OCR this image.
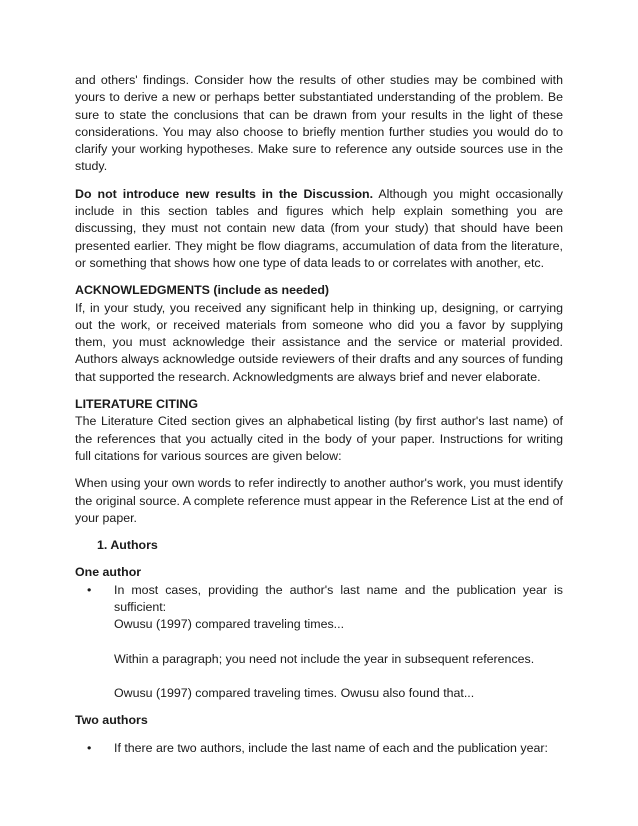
and others' findings. Consider how the results of other studies may be combined with yours to derive a new or perhaps better substantiated understanding of the problem. Be sure to state the conclusions that can be drawn from your results in the light of these considerations. You may also choose to briefly mention further studies you would do to clarify your working hypotheses. Make sure to reference any outside sources use in the study.

Do not introduce new results in the Discussion. Although you might occasionally include in this section tables and figures which help explain something you are discussing, they must not contain new data (from your study) that should have been presented earlier. They might be flow diagrams, accumulation of data from the literature, or something that shows how one type of data leads to or correlates with another, etc.

ACKNOWLEDGMENTS (include as needed)

If, in your study, you received any significant help in thinking up, designing, or carrying out the work, or received materials from someone who did you a favor by supplying them, you must acknowledge their assistance and the service or material provided. Authors always acknowledge outside reviewers of their drafts and any sources of funding that supported the research. Acknowledgments are always brief and never elaborate.

LITERATURE CITING

The Literature Cited section gives an alphabetical listing (by first author's last name) of the references that you actually cited in the body of your paper. Instructions for writing full citations for various sources are given below:

When using your own words to refer indirectly to another author's work, you must identify the original source. A complete reference must appear in the Reference List at the end of your paper.

1. Authors

One author

• In most cases, providing the author's last name and the publication year is sufficient:

Owusu (1997) compared traveling times...

Within a paragraph; you need not include the year in subsequent references.

Owusu (1997) compared traveling times. Owusu also found that...

Two authors

• If there are two authors, include the last name of each and the publication year:
